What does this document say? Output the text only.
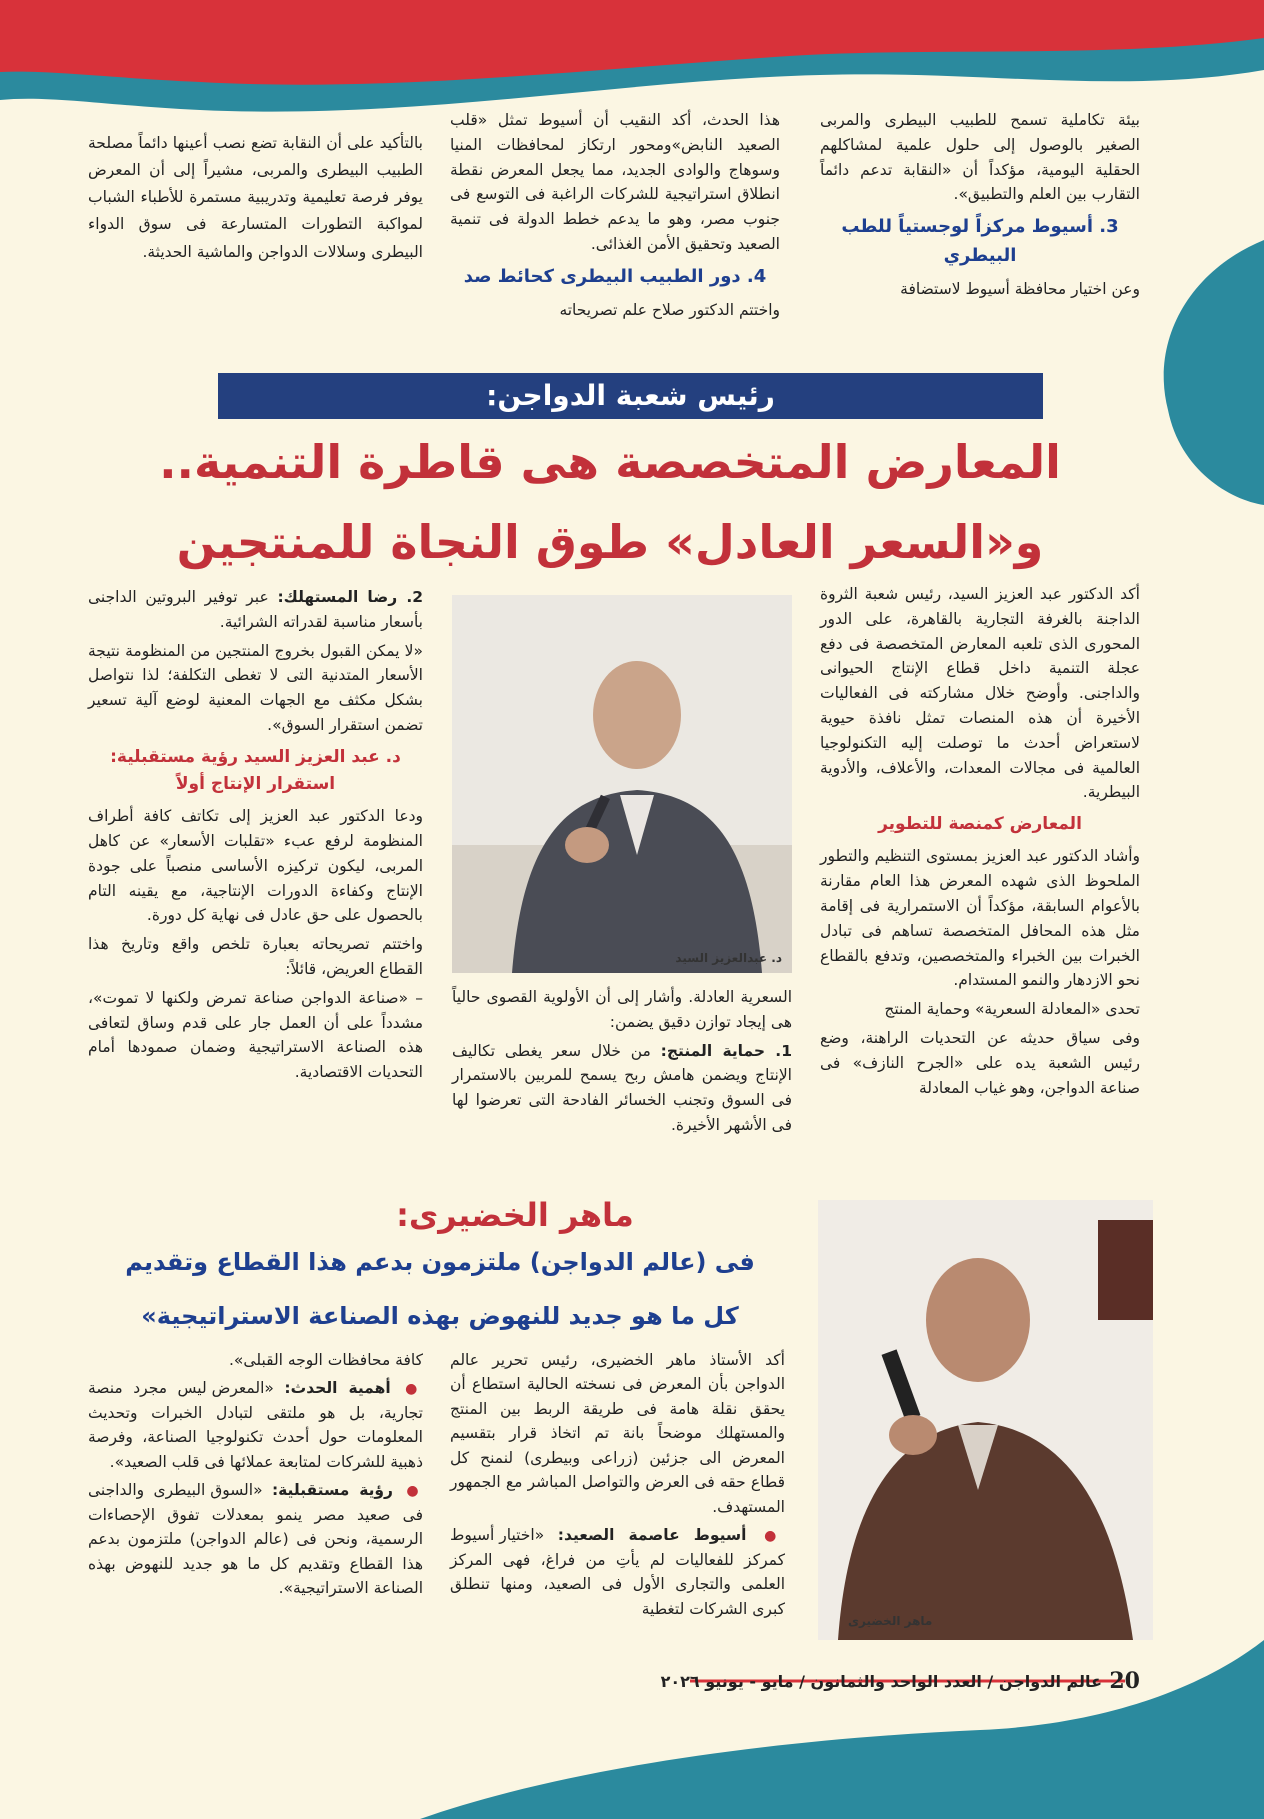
بيئة تكاملية تسمح للطبيب البيطرى والمربى الصغير بالوصول إلى حلول علمية لمشاكلهم الحقلية اليومية، مؤكداً أن «النقابة تدعم دائماً التقارب بين العلم والتطبيق».

3. أسيوط مركزاً لوجستياً للطب البيطري

وعن اختيار محافظة أسيوط لاستضافة

هذا الحدث، أكد النقيب أن أسيوط تمثل «قلب الصعيد النابض»ومحور ارتكاز لمحافظات المنيا وسوهاج والوادى الجديد، مما يجعل المعرض نقطة انطلاق استراتيجية للشركات الراغبة فى التوسع فى جنوب مصر، وهو ما يدعم خطط الدولة فى تنمية الصعيد وتحقيق الأمن الغذائى.

4. دور الطبيب البيطرى كحائط صد

واختتم الدكتور صلاح علم تصريحاته

بالتأكيد على أن النقابة تضع نصب أعينها دائماً مصلحة الطبيب البيطرى والمربى، مشيراً إلى أن المعرض يوفر فرصة تعليمية وتدريبية مستمرة للأطباء الشباب لمواكبة التطورات المتسارعة فى سوق الدواء البيطرى وسلالات الدواجن والماشية الحديثة.

رئيس شعبة الدواجن:
المعارض المتخصصة هى قاطرة التنمية..
و«السعر العادل» طوق النجاة للمنتجين

أكد الدكتور عبد العزيز السيد، رئيس شعبة الثروة الداجنة بالغرفة التجارية بالقاهرة، على الدور المحورى الذى تلعبه المعارض المتخصصة فى دفع عجلة التنمية داخل قطاع الإنتاج الحيوانى والداجنى. وأوضح خلال مشاركته فى الفعاليات الأخيرة أن هذه المنصات تمثل نافذة حيوية لاستعراض أحدث ما توصلت إليه التكنولوجيا العالمية فى مجالات المعدات، والأعلاف، والأدوية البيطرية.

المعارض كمنصة للتطوير

وأشاد الدكتور عبد العزيز بمستوى التنظيم والتطور الملحوظ الذى شهده المعرض هذا العام مقارنة بالأعوام السابقة، مؤكداً أن الاستمرارية فى إقامة مثل هذه المحافل المتخصصة تساهم فى تبادل الخبرات بين الخبراء والمتخصصين، وتدفع بالقطاع نحو الازدهار والنمو المستدام.

تحدى «المعادلة السعرية» وحماية المنتج

وفى سياق حديثه عن التحديات الراهنة، وضع رئيس الشعبة يده على «الجرح النازف» فى صناعة الدواجن، وهو غياب المعادلة

د. عبدالعزيز السيد

السعرية العادلة. وأشار إلى أن الأولوية القصوى حالياً هى إيجاد توازن دقيق يضمن:

1. حماية المنتج: من خلال سعر يغطى تكاليف الإنتاج ويضمن هامش ربح يسمح للمربين بالاستمرار فى السوق وتجنب الخسائر الفادحة التى تعرضوا لها فى الأشهر الأخيرة.

2. رضا المستهلك: عبر توفير البروتين الداجنى بأسعار مناسبة لقدراته الشرائية.

«لا يمكن القبول بخروج المنتجين من المنظومة نتيجة الأسعار المتدنية التى لا تغطى التكلفة؛ لذا نتواصل بشكل مكثف مع الجهات المعنية لوضع آلية تسعير تضمن استقرار السوق».

د. عبد العزيز السيد رؤية مستقبلية: استقرار الإنتاج أولاً

ودعا الدكتور عبد العزيز إلى تكاتف كافة أطراف المنظومة لرفع عبء «تقلبات الأسعار» عن كاهل المربى، ليكون تركيزه الأساسى منصباً على جودة الإنتاج وكفاءة الدورات الإنتاجية، مع يقينه التام بالحصول على حق عادل فى نهاية كل دورة.

واختتم تصريحاته بعبارة تلخص واقع وتاريخ هذا القطاع العريض، قائلاً:

– «صناعة الدواجن صناعة تمرض ولكنها لا تموت»، مشدداً على أن العمل جار على قدم وساق لتعافى هذه الصناعة الاستراتيجية وضمان صمودها أمام التحديات الاقتصادية.

ماهر الخضيرى:
فى (عالم الدواجن) ملتزمون بدعم هذا القطاع وتقديم
كل ما هو جديد للنهوض بهذه الصناعة الاستراتيجية»
ماهر الخضيرى

أكد الأستاذ ماهر الخضيرى، رئيس تحرير عالم الدواجن بأن المعرض فى نسخته الحالية استطاع أن يحقق نقلة هامة فى طريقة الربط بين المنتج والمستهلك موضحاً بانة تم اتخاذ قرار بتقسيم المعرض الى جزئين (زراعى وبيطرى) لنمنح كل قطاع حقه فى العرض والتواصل المباشر مع الجمهور المستهدف.

● أسيوط عاصمة الصعيد: «اختيار أسيوط كمركز للفعاليات لم يأتِ من فراغ، فهى المركز العلمى والتجارى الأول فى الصعيد، ومنها تنطلق كبرى الشركات لتغطية

كافة محافظات الوجه القبلى».

● أهمية الحدث: «المعرض ليس مجرد منصة تجارية، بل هو ملتقى لتبادل الخبرات وتحديث المعلومات حول أحدث تكنولوجيا الصناعة، وفرصة ذهبية للشركات لمتابعة عملائها فى قلب الصعيد».

● رؤية مستقبلية: «السوق البيطرى والداجنى فى صعيد مصر ينمو بمعدلات تفوق الإحصاءات الرسمية، ونحن فى (عالم الدواجن) ملتزمون بدعم هذا القطاع وتقديم كل ما هو جديد للنهوض بهذه الصناعة الاستراتيجية».

20
عالم الدواجن / العدد الواحد والثمانون / مايو - يونيو ٢٠٢٦
